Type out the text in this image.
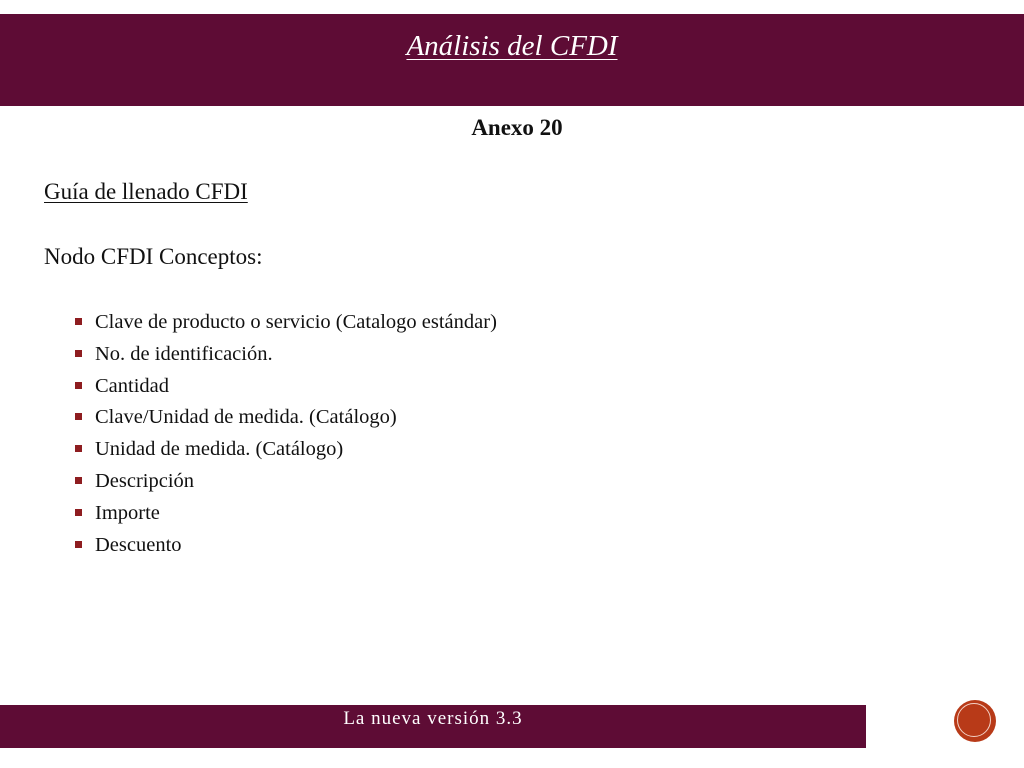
Análisis del CFDI
Anexo 20
Guía de llenado CFDI
Nodo CFDI Conceptos:
Clave de producto o servicio (Catalogo estándar)
No. de identificación.
Cantidad
Clave/Unidad de medida. (Catálogo)
Unidad de medida. (Catálogo)
Descripción
Importe
Descuento
La nueva versión 3.3
